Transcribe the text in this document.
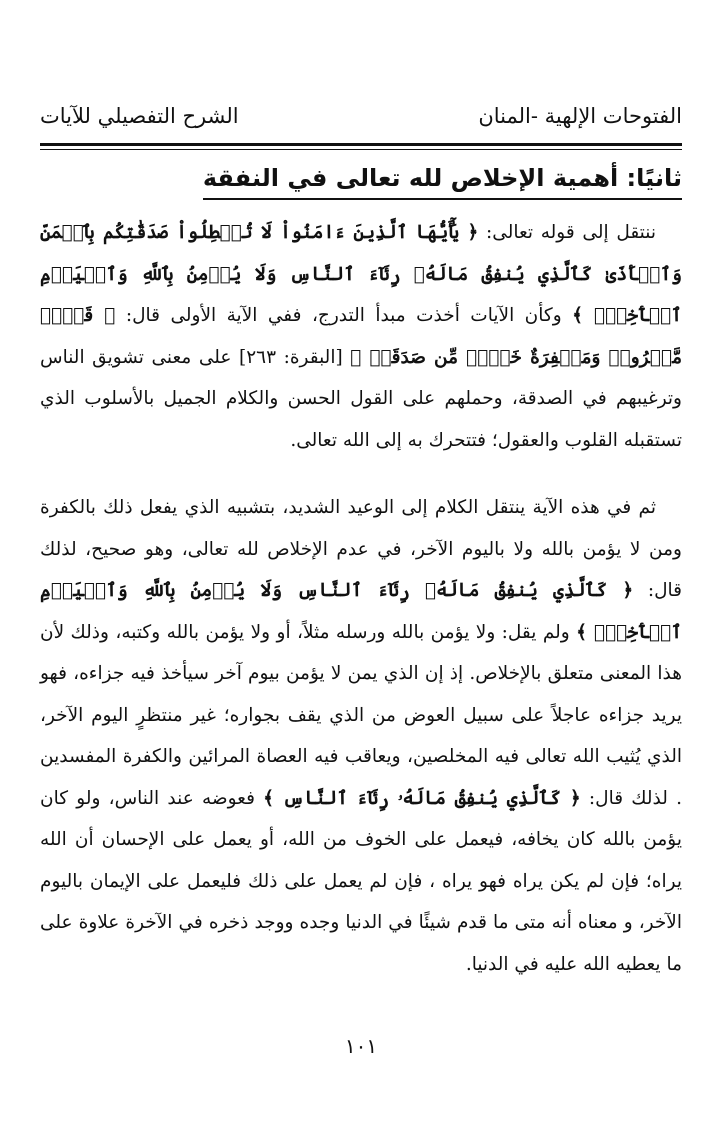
الفتوحات الإلهية -المنان
الشرح التفصيلي للآيات
ثانيًا: أهمية الإخلاص لله تعالى في النفقة

ننتقل إلى قوله تعالى: ﴿ يَٰٓأَيُّهَا ٱلَّذِينَ ءَامَنُواْ لَا تُبۡطِلُواْ صَدَقَٰتِكُم بِٱلۡمَنِّ وَٱلۡأَذَىٰ كَٱلَّذِي يُنفِقُ مَالَهُۥ رِئَآءَ ٱلنَّاسِ وَلَا يُؤۡمِنُ بِٱللَّهِ وَٱلۡيَوۡمِ ٱلۡأٓخِرِۖ ﴾ وكأن الآيات أخذت مبدأ التدرج، ففي الآية الأولى قال: ﴿ قَوۡلٞ مَّعۡرُوفٞ وَمَغۡفِرَةٌ خَيۡرٞ مِّن صَدَقَةٖ ﴾ [البقرة: ٢٦٣] على معنى تشويق الناس وترغيبهم في الصدقة، وحملهم على القول الحسن والكلام الجميل بالأسلوب الذي تستقبله القلوب والعقول؛ فتتحرك به إلى الله تعالى.

ثم في هذه الآية ينتقل الكلام إلى الوعيد الشديد، بتشبيه الذي يفعل ذلك بالكفرة ومن لا يؤمن بالله ولا باليوم الآخر، في عدم الإخلاص لله تعالى، وهو صحيح، لذلك قال: ﴿ كَٱلَّذِي يُنفِقُ مَالَهُۥ رِئَآءَ ٱلنَّاسِ وَلَا يُؤۡمِنُ بِٱللَّهِ وَٱلۡيَوۡمِ ٱلۡأٓخِرِۖ ﴾ ولم يقل: ولا يؤمن بالله ورسله مثلاً، أو ولا يؤمن بالله وكتبه، وذلك لأن هذا المعنى متعلق بالإخلاص. إذ إن الذي يمن لا يؤمن بيوم آخر سيأخذ فيه جزاءه، فهو يريد جزاءه عاجلاً على سبيل العوض من الذي يقف بجواره؛ غير منتظرٍ اليوم الآخر، الذي يُثيب الله تعالى فيه المخلصين، ويعاقب فيه العصاة المرائين والكفرة المفسدين . لذلك قال: ﴿ كَٱلَّذِي يُنفِقُ مَالَهُۥ رِئَآءَ ٱلنَّاسِ ﴾ فعوضه عند الناس، ولو كان يؤمن بالله كان يخافه، فيعمل على الخوف من الله، أو يعمل على الإحسان أن الله يراه؛ فإن لم يكن يراه فهو يراه ، فإن لم يعمل على ذلك فليعمل على الإيمان باليوم الآخر، و معناه أنه متى ما قدم شيئًا في الدنيا وجده ووجد ذخره في الآخرة علاوة على ما يعطيه الله عليه في الدنيا.

١٠١
